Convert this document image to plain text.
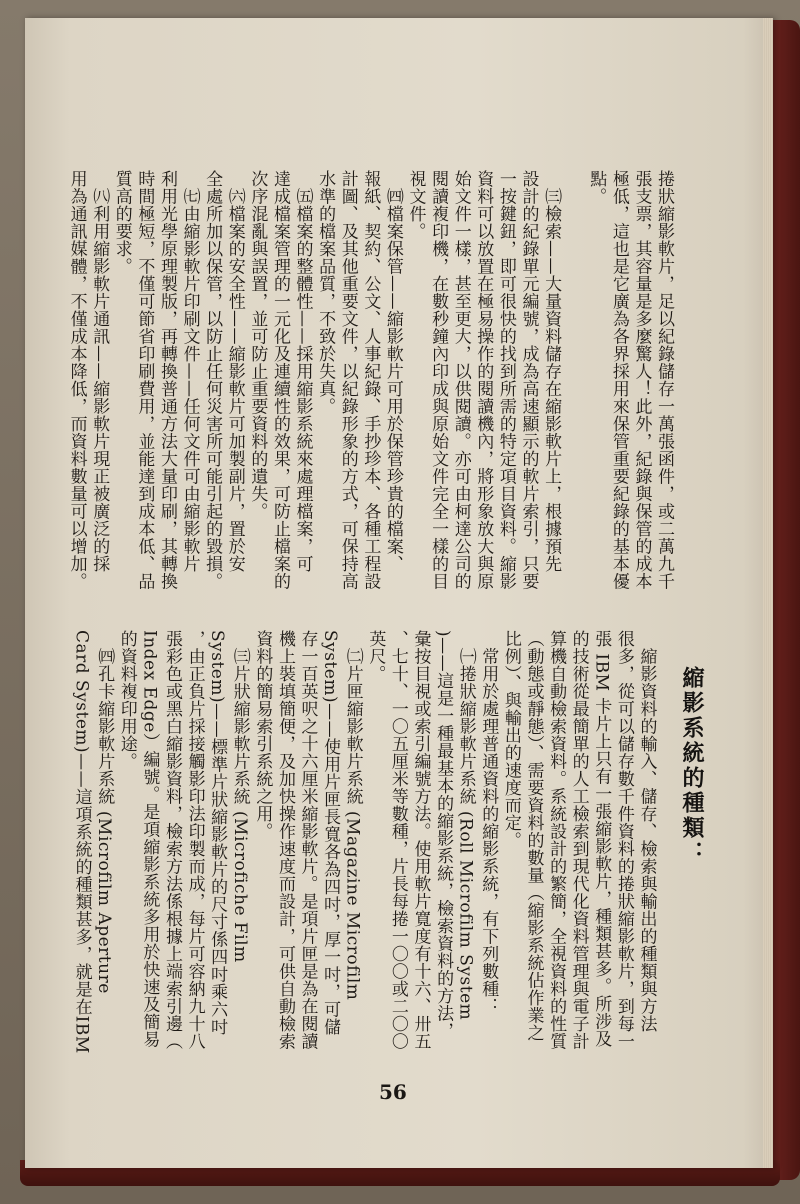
捲狀縮影軟片，足以紀錄儲存一萬張函件，或二萬九千
張支票，其容量是多麼驚人！此外，紀錄與保管的成本
極低，這也是它廣為各界採用來保管重要紀錄的基本優
點。

　㈢檢索——大量資料儲存在縮影軟片上，根據預先
設計的紀錄單元編號，成為高速顯示的軟片索引，只要
一按鍵鈕，即可很快的找到所需的特定項目資料。縮影
資料可以放置在極易操作的閱讀機內，將形象放大與原
始文件一樣，甚至更大，以供閱讀。亦可由柯達公司的
閱讀複印機，在數秒鐘內印成與原始文件完全一樣的目
視文件。
　㈣檔案保管——縮影軟片可用於保管珍貴的檔案、
報紙、契約、公文、人事紀錄、手抄珍本、各種工程設
計圖、及其他重要文件，以紀錄形象的方式，可保持高
水準的檔案品質，不致於失真。
　㈤檔案的整體性——採用縮影系統來處理檔案，可
達成檔案管理的一元化及連續性的效果，可防止檔案的
次序混亂與誤置，並可防止重要資料的遺失。
　㈥檔案的安全性——縮影軟片可加製副片，置於安
全處所加以保管，以防止任何災害所可能引起的毀損。
　㈦由縮影軟片印刷文件——任何文件可由縮影軟片
利用光學原理製版，再轉換普通方法大量印刷，其轉換
時間極短，不僅可節省印刷費用，並能達到成本低、品
質高的要求。
　㈧利用縮影軟片通訊——縮影軟片現正被廣泛的採
用為通訊媒體，不僅成本降低，而資料數量可以增加。
縮影系統的種類：
　縮影資料的輸入、儲存、檢索與輸出的種類與方法
很多，從可以儲存數千件資料的捲狀縮影軟片，到每一
張 IBM 卡片上只有一張縮影軟片，種類甚多。所涉及
的技術從最簡單的人工檢索到現代化資料管理與電子計
算機自動檢索資料。系統設計的繁簡，全視資料的性質
（動態或靜態）、需要資料的數量（縮影系統佔作業之
比例）、與輸出的速度而定。
　常用於處理普通資料的縮影系統，有下列數種：
　㈠捲狀縮影軟片系統 (Roll Microfilm System
)——這是一種最基本的縮影系統，檢索資料的方法，
彙按目視或索引編號方法。使用軟片寬度有十六、卅五
、七十、一〇五厘米等數種，片長每捲一〇〇或二〇〇
英尺。
　㈡片匣縮影軟片系統 (Magazine Microfilm
System)——使用片匣長寬各為四吋，厚一吋，可儲
存一百英呎之十六厘米縮影軟片。是項片匣是為在閱讀
機上裝填簡便，及加快操作速度而設計，可供自動檢索
資料的簡易索引系統之用。
　㈢片狀縮影軟片系統 (Microfiche Film
System)——標準片狀縮影軟片的尺寸係四吋乘六吋
，由正負片採接觸影印法印製而成，每片可容納九十八
張彩色或黑白縮影資料，檢索方法係根據上端索引邊（
Index Edge）編號。是項縮影系統多用於快速及簡易
的資料複印用途。
　㈣孔卡縮影軟片系統 (Microfilm Aperture
Card System)——這項系統的種類甚多，就是在IBM
56
